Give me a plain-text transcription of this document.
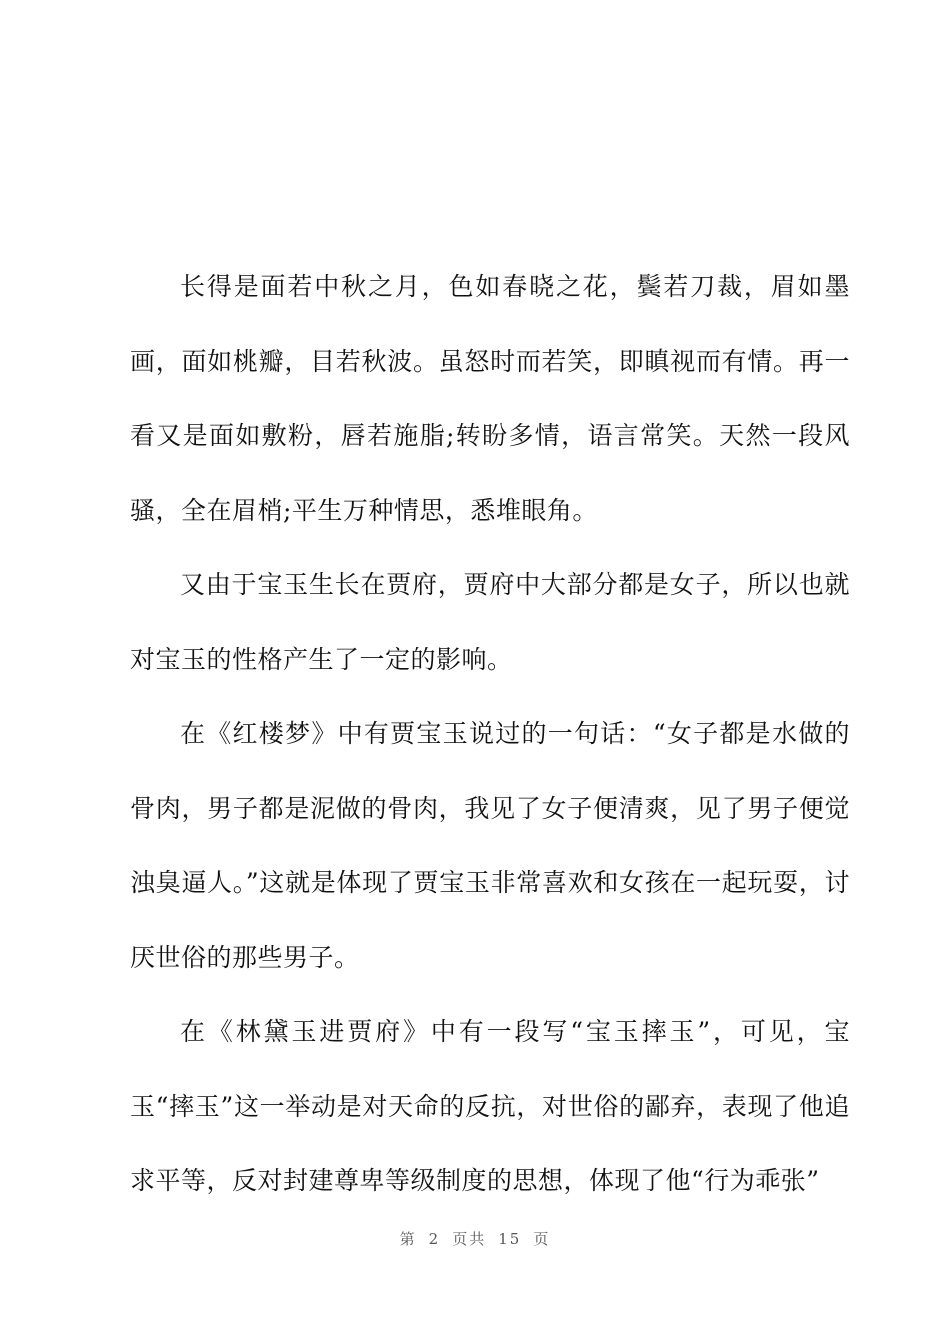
长得是面若中秋之月，色如春晓之花，鬓若刀裁，眉如墨画，面如桃瓣，目若秋波。虽怒时而若笑，即瞋视而有情。再一看又是面如敷粉，唇若施脂;转盼多情，语言常笑。天然一段风骚，全在眉梢;平生万种情思，悉堆眼角。

又由于宝玉生长在贾府，贾府中大部分都是女子，所以也就对宝玉的性格产生了一定的影响。

在《红楼梦》中有贾宝玉说过的一句话：“女子都是水做的骨肉，男子都是泥做的骨肉，我见了女子便清爽，见了男子便觉浊臭逼人。”这就是体现了贾宝玉非常喜欢和女孩在一起玩耍，讨厌世俗的那些男子。

在《林黛玉进贾府》中有一段写“宝玉摔玉”，可见，宝玉“摔玉”这一举动是对天命的反抗，对世俗的鄙弃，表现了他追求平等，反对封建尊卑等级制度的思想，体现了他“行为乖张”

第 2 页共 15 页
